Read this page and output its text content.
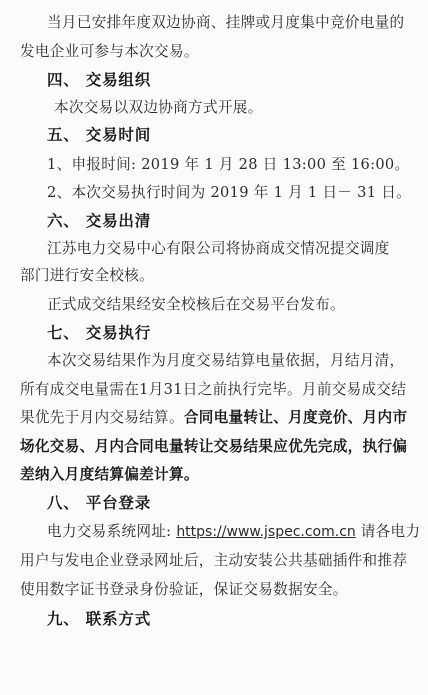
当月已安排年度双边协商、挂牌或月度集中竞价电量的
发电企业可参与本次交易。
四、 交易组织
本次交易以双边协商方式开展。
五、 交易时间
1、申报时间: 2019 年 1 月 28 日 13:00 至 16:00。
2、本次交易执行时间为 2019 年 1 月 1 日－ 31 日。
六、 交易出清
江苏电力交易中心有限公司将协商成交情况提交调度
部门进行安全校核。
正式成交结果经安全校核后在交易平台发布。
七、 交易执行
本次交易结果作为月度交易结算电量依据，月结月清，
所有成交电量需在1月31日之前执行完毕。月前交易成交结
果优先于月内交易结算。合同电量转让、月度竞价、月内市
场化交易、月内合同电量转让交易结果应优先完成，执行偏
差纳入月度结算偏差计算。
八、 平台登录
电力交易系统网址: https://www.jspec.com.cn 请各电力
用户与发电企业登录网址后，主动安装公共基础插件和推荐
使用数字证书登录身份验证，保证交易数据安全。
九、 联系方式
